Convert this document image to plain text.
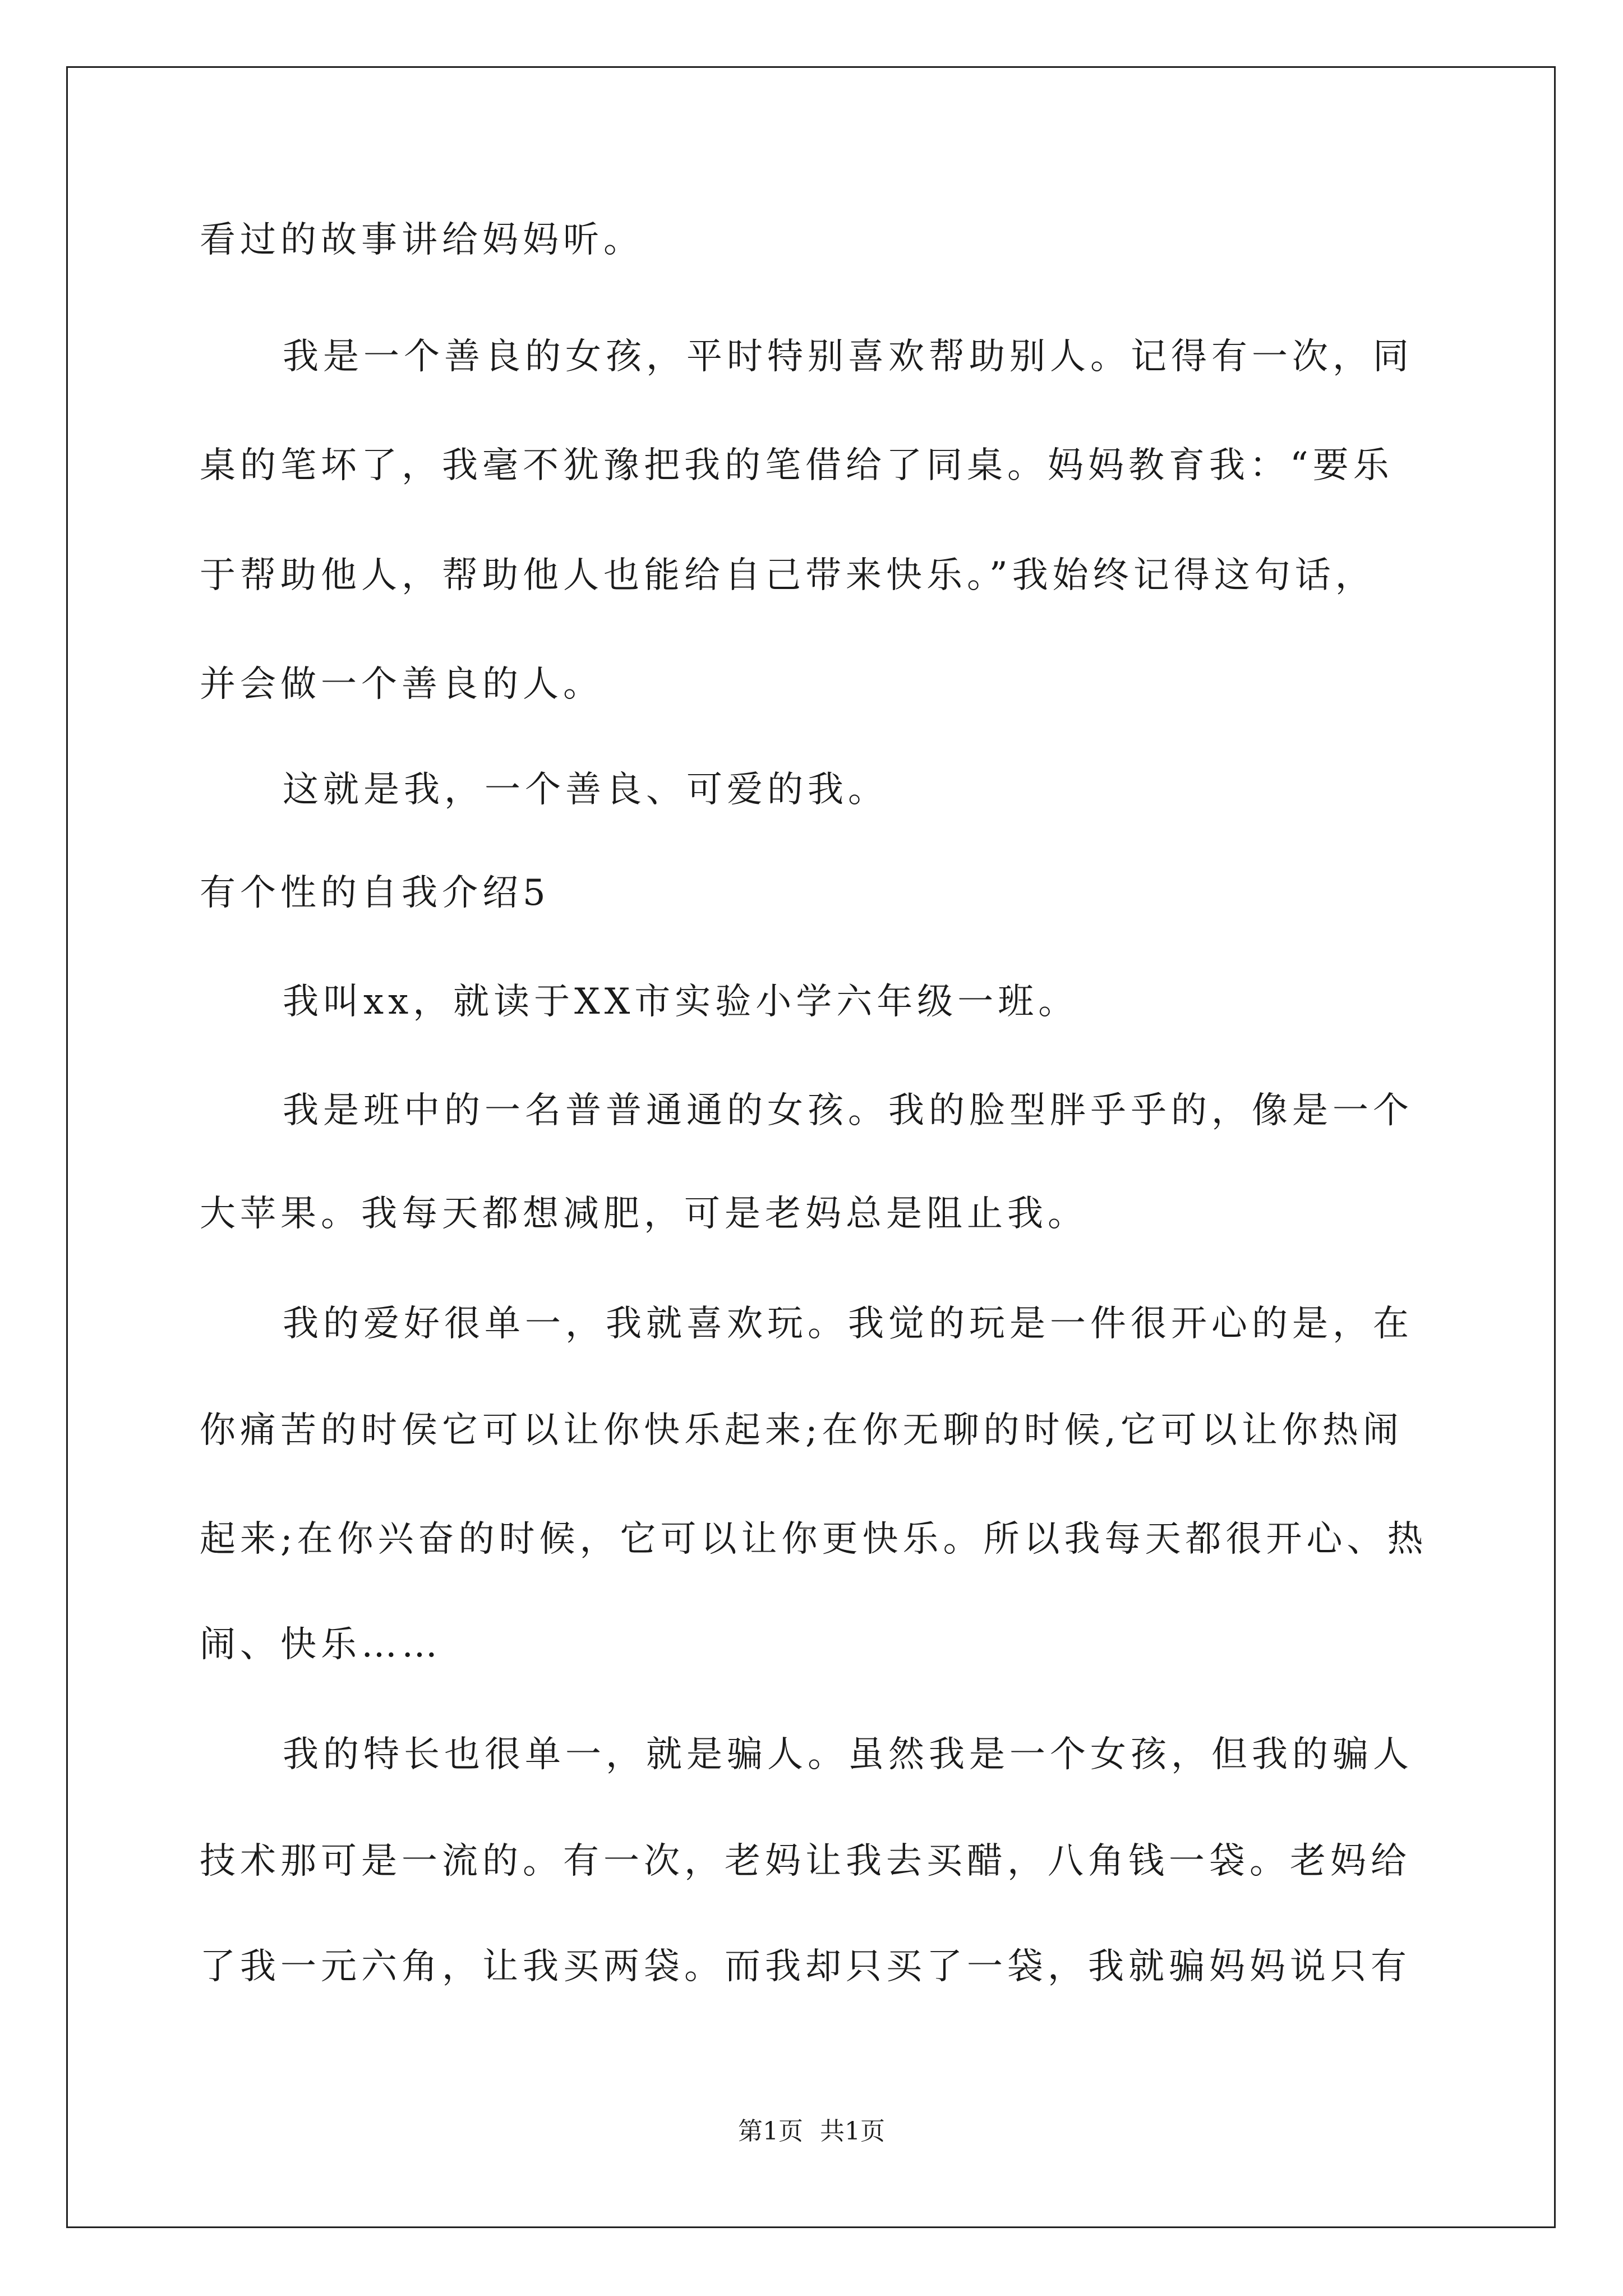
看过的故事讲给妈妈听。
我是一个善良的女孩，平时特别喜欢帮助别人。记得有一次，同
桌的笔坏了，我毫不犹豫把我的笔借给了同桌。妈妈教育我：“要乐
于帮助他人，帮助他人也能给自己带来快乐。”我始终记得这句话，
并会做一个善良的人。
这就是我，一个善良、可爱的我。
有个性的自我介绍5
我叫xx，就读于XX市实验小学六年级一班。
我是班中的一名普普通通的女孩。我的脸型胖乎乎的，像是一个
大苹果。我每天都想减肥，可是老妈总是阻止我。
我的爱好很单一，我就喜欢玩。我觉的玩是一件很开心的是，在
你痛苦的时侯它可以让你快乐起来;在你无聊的时候,它可以让你热闹
起来;在你兴奋的时候，它可以让你更快乐。所以我每天都很开心、热
闹、快乐……
我的特长也很单一，就是骗人。虽然我是一个女孩，但我的骗人
技术那可是一流的。有一次，老妈让我去买醋，八角钱一袋。老妈给
了我一元六角，让我买两袋。而我却只买了一袋，我就骗妈妈说只有
第1页 共1页
